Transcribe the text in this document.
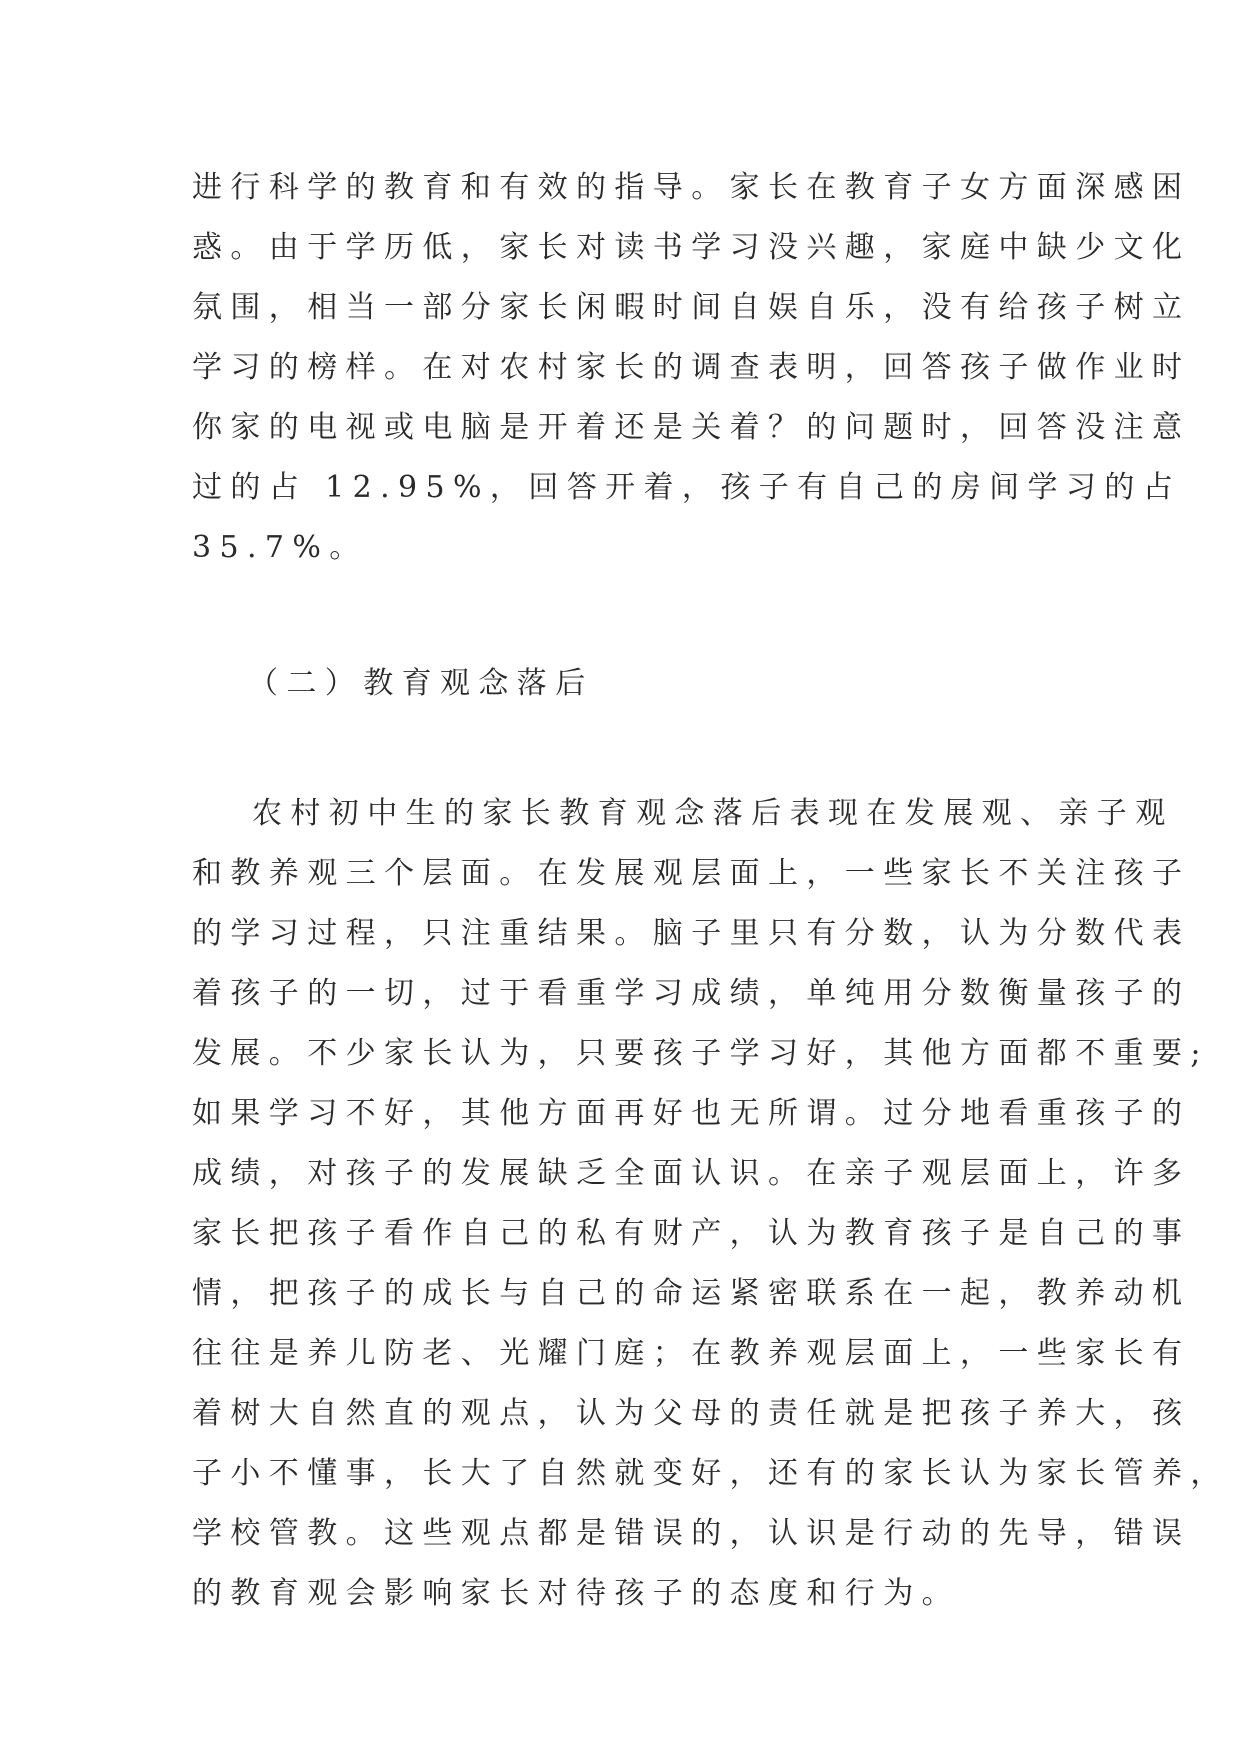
进行科学的教育和有效的指导。家长在教育子女方面深感困
惑。由于学历低，家长对读书学习没兴趣，家庭中缺少文化
氛围，相当一部分家长闲暇时间自娱自乐，没有给孩子树立
学习的榜样。在对农村家长的调查表明，回答孩子做作业时
你家的电视或电脑是开着还是关着？的问题时，回答没注意
过的占 12.95%，回答开着，孩子有自己的房间学习的占
35.7%。
（二）教育观念落后
农村初中生的家长教育观念落后表现在发展观、亲子观
和教养观三个层面。在发展观层面上，一些家长不关注孩子
的学习过程，只注重结果。脑子里只有分数，认为分数代表
着孩子的一切，过于看重学习成绩，单纯用分数衡量孩子的
发展。不少家长认为，只要孩子学习好，其他方面都不重要;
如果学习不好，其他方面再好也无所谓。过分地看重孩子的
成绩，对孩子的发展缺乏全面认识。在亲子观层面上，许多
家长把孩子看作自己的私有财产，认为教育孩子是自己的事
情，把孩子的成长与自己的命运紧密联系在一起，教养动机
往往是养儿防老、光耀门庭；在教养观层面上，一些家长有
着树大自然直的观点，认为父母的责任就是把孩子养大，孩
子小不懂事，长大了自然就变好，还有的家长认为家长管养，
学校管教。这些观点都是错误的，认识是行动的先导，错误
的教育观会影响家长对待孩子的态度和行为。
